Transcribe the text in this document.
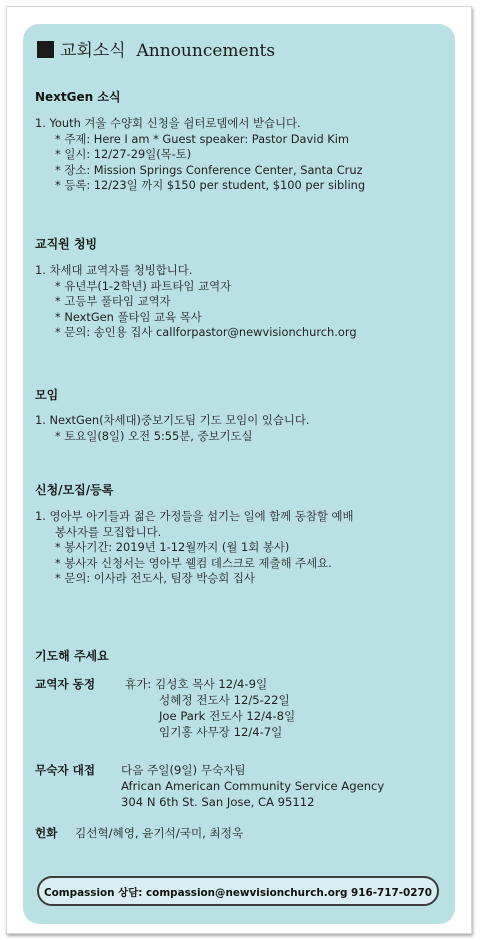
교회소식 Announcements
NextGen 소식
1. Youth 겨울 수양회 신청을 쉼터로뎀에서 받습니다.
* 주제: Here I am * Guest speaker: Pastor David Kim
* 일시: 12/27-29일(목-토)
* 장소: Mission Springs Conference Center, Santa Cruz
* 등록: 12/23일 까지 $150 per student, $100 per sibling
교직원 청빙
1. 차세대 교역자를 청빙합니다.
* 유년부(1-2학년) 파트타임 교역자
* 고등부 풀타임 교역자
* NextGen 풀타임 교육 목사
* 문의: 송인용 집사 callforpastor@newvisionchurch.org
모임
1. NextGen(차세대)중보기도팀 기도 모임이 있습니다.
* 토요일(8일) 오전 5:55분, 중보기도실
신청/모집/등록
1. 영아부 아기들과 젊은 가정들을 섬기는 일에 함께 동참할 예배
봉사자를 모집합니다.
* 봉사기간: 2019년 1-12월까지 (월 1회 봉사)
* 봉사자 신청서는 영아부 웰컴 데스크로 제출해 주세요.
* 문의: 이사라 전도사, 팀장 박승희 집사
기도해 주세요
교역자 동정	휴가: 김성호 목사 12/4-9일
성혜정 전도사 12/5-22일
Joe Park 전도사 12/4-8일
임기홍 사무장 12/4-7일
무숙자 대접 다음 주일(9일) 무숙자팀
African American Community Service Agency
304 N 6th St. San Jose, CA 95112
헌화 김선혁/혜영, 윤기석/국미, 최정욱
Compassion 상담: compassion@newvisionchurch.org 916-717-0270
